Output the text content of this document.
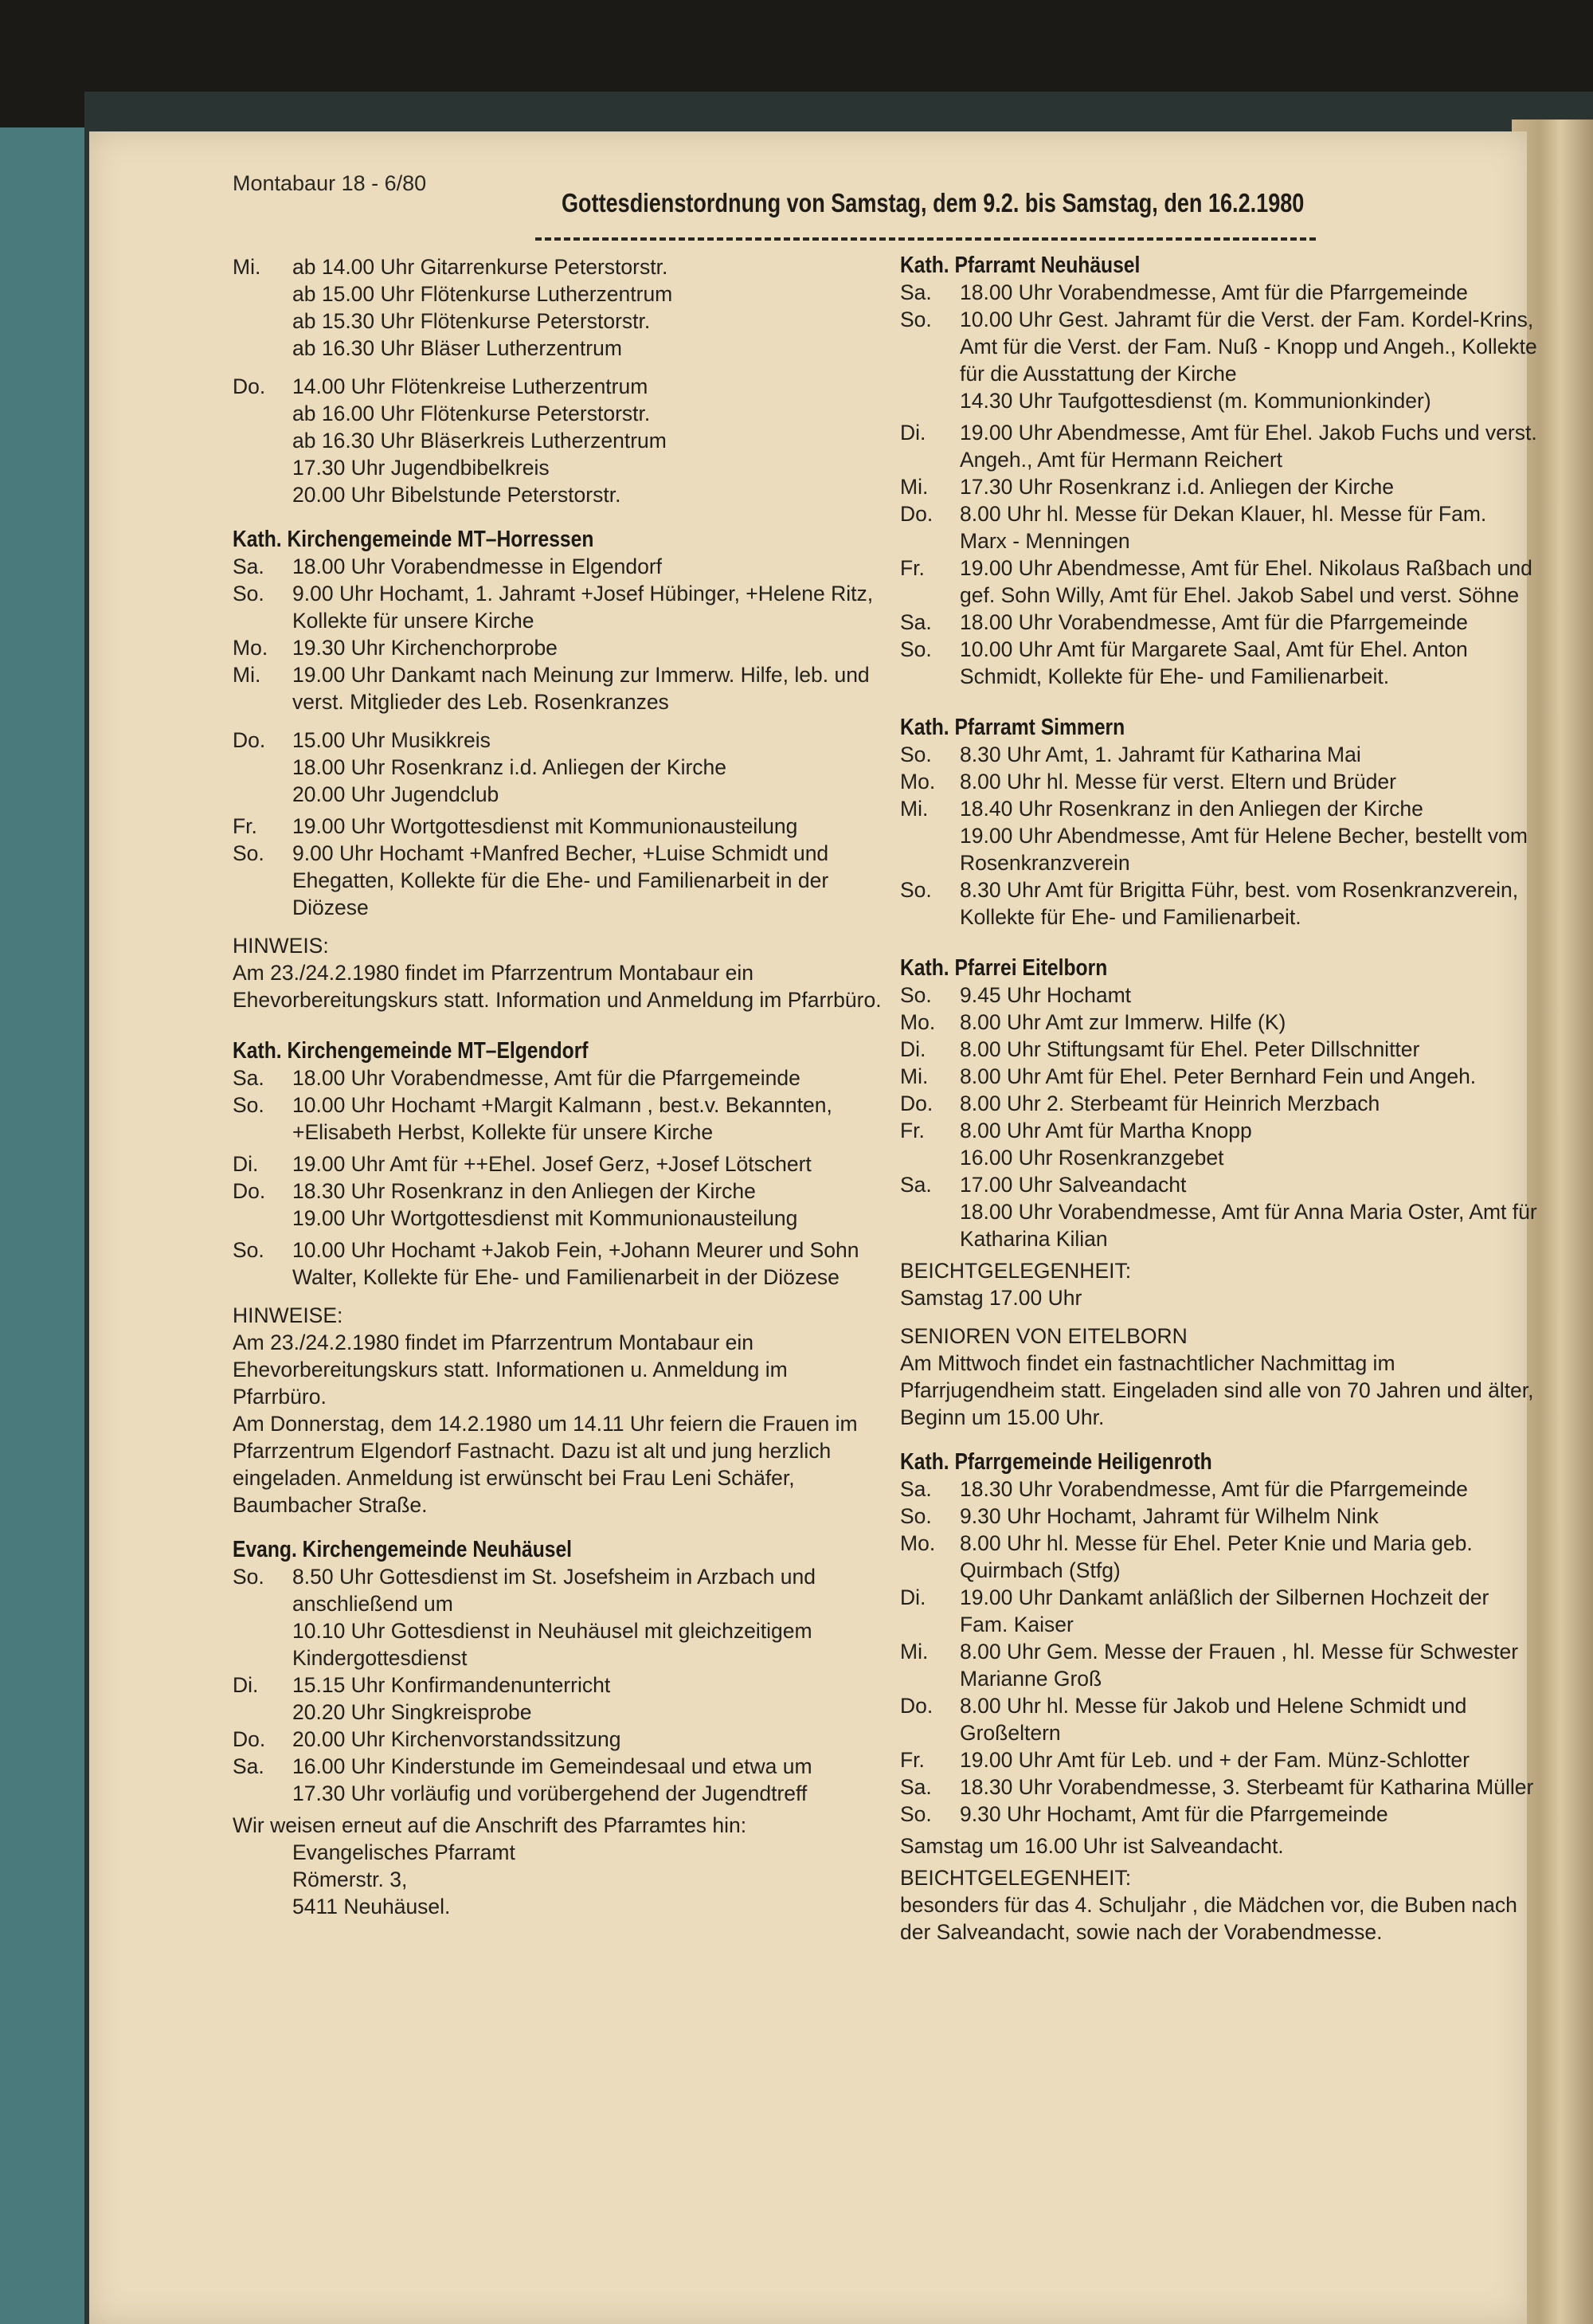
Montabaur 18 - 6/80
Gottesdienstordnung von Samstag, dem 9.2. bis Samstag, den 16.2.1980
Mi.	ab 14.00 Uhr Gitarrenkurse Peterstorstr.
ab 15.00 Uhr Flötenkurse Lutherzentrum
ab 15.30 Uhr Flötenkurse Peterstorstr.
ab 16.30 Uhr Bläser Lutherzentrum
Do.	14.00 Uhr Flötenkreise Lutherzentrum
ab 16.00 Uhr Flötenkurse Peterstorstr.
ab 16.30 Uhr Bläserkreis Lutherzentrum
17.30 Uhr Jugendbibelkreis
20.00 Uhr Bibelstunde Peterstorstr.
Kath. Kirchengemeinde MT–Horressen
Sa.	18.00 Uhr Vorabendmesse in Elgendorf
So.	9.00 Uhr Hochamt, 1. Jahramt +Josef Hübinger, +Helene Ritz, Kollekte für unsere Kirche
Mo.	19.30 Uhr Kirchenchorprobe
Mi.	19.00 Uhr Dankamt nach Meinung zur Immerw. Hilfe, leb. und verst. Mitglieder des Leb. Rosenkranzes
Do.	15.00 Uhr Musikkreis
18.00 Uhr Rosenkranz i.d. Anliegen der Kirche
20.00 Uhr Jugendclub
Fr.	19.00 Uhr Wortgottesdienst mit Kommunionausteilung
So.	9.00 Uhr Hochamt +Manfred Becher, +Luise Schmidt und Ehegatten, Kollekte für die Ehe- und Familienarbeit in der Diözese

HINWEIS:

Am 23./24.2.1980 findet im Pfarrzentrum Montabaur ein Ehevorbereitungskurs statt. Information und Anmeldung im Pfarrbüro.

Kath. Kirchengemeinde MT–Elgendorf
Sa.	18.00 Uhr Vorabendmesse, Amt für die Pfarrgemeinde
So.	10.00 Uhr Hochamt +Margit Kalmann , best.v. Bekannten, +Elisabeth Herbst, Kollekte für unsere Kirche
Di.	19.00 Uhr Amt für ++Ehel. Josef Gerz, +Josef Lötschert
Do.	18.30 Uhr Rosenkranz in den Anliegen der Kirche
19.00 Uhr Wortgottesdienst mit Kommunionausteilung
So.	10.00 Uhr Hochamt +Jakob Fein, +Johann Meurer und Sohn Walter, Kollekte für Ehe- und Familienarbeit in der Diözese

HINWEISE:

Am 23./24.2.1980 findet im Pfarrzentrum Montabaur ein Ehevorbereitungskurs statt. Informationen u. Anmeldung im Pfarrbüro.

Am Donnerstag, dem 14.2.1980 um 14.11 Uhr feiern die Frauen im Pfarrzentrum Elgendorf Fastnacht. Dazu ist alt und jung herzlich eingeladen. Anmeldung ist erwünscht bei Frau Leni Schäfer, Baumbacher Straße.

Evang. Kirchengemeinde Neuhäusel
So.	8.50 Uhr Gottesdienst im St. Josefsheim in Arzbach und anschließend um
10.10 Uhr Gottesdienst in Neuhäusel mit gleichzeitigem Kindergottesdienst
Di.	15.15 Uhr Konfirmandenunterricht
20.20 Uhr Singkreisprobe
Do.	20.00 Uhr Kirchenvorstandssitzung
Sa.	16.00 Uhr Kinderstunde im Gemeindesaal und etwa um
17.30 Uhr vorläufig und vorübergehend der Jugendtreff

Wir weisen erneut auf die Anschrift des Pfarramtes hin:

Evangelisches Pfarramt

Römerstr. 3,

5411 Neuhäusel.

Kath. Pfarramt Neuhäusel
Sa.	18.00 Uhr Vorabendmesse, Amt für die Pfarrgemeinde
So.	10.00 Uhr Gest. Jahramt für die Verst. der Fam. Kordel-Krins, Amt für die Verst. der Fam. Nuß - Knopp und Angeh., Kollekte für die Ausstattung der Kirche
14.30 Uhr Taufgottesdienst (m. Kommunionkinder)
Di.	19.00 Uhr Abendmesse, Amt für Ehel. Jakob Fuchs und verst. Angeh., Amt für Hermann Reichert
Mi.	17.30 Uhr Rosenkranz i.d. Anliegen der Kirche
Do.	8.00 Uhr hl. Messe für Dekan Klauer, hl. Messe für Fam. Marx - Menningen
Fr.	19.00 Uhr Abendmesse, Amt für Ehel. Nikolaus Raßbach und gef. Sohn Willy, Amt für Ehel. Jakob Sabel und verst. Söhne
Sa.	18.00 Uhr Vorabendmesse, Amt für die Pfarrgemeinde
So.	10.00 Uhr Amt für Margarete Saal, Amt für Ehel. Anton Schmidt, Kollekte für Ehe- und Familienarbeit.
Kath. Pfarramt Simmern
So.	8.30 Uhr Amt, 1. Jahramt für Katharina Mai
Mo.	8.00 Uhr hl. Messe für verst. Eltern und Brüder
Mi.	18.40 Uhr Rosenkranz in den Anliegen der Kirche
19.00 Uhr Abendmesse, Amt für Helene Becher, bestellt vom Rosenkranzverein
So.	8.30 Uhr Amt für Brigitta Führ, best. vom Rosenkranzverein, Kollekte für Ehe- und Familienarbeit.
Kath. Pfarrei Eitelborn
So.	9.45 Uhr Hochamt
Mo.	8.00 Uhr Amt zur Immerw. Hilfe (K)
Di.	8.00 Uhr Stiftungsamt für Ehel. Peter Dillschnitter
Mi.	8.00 Uhr Amt für Ehel. Peter Bernhard Fein und Angeh.
Do.	8.00 Uhr 2. Sterbeamt für Heinrich Merzbach
Fr.	8.00 Uhr Amt für Martha Knopp
16.00 Uhr Rosenkranzgebet
Sa.	17.00 Uhr Salveandacht
18.00 Uhr Vorabendmesse, Amt für Anna Maria Oster, Amt für Katharina Kilian

BEICHTGELEGENHEIT:

Samstag 17.00 Uhr

SENIOREN VON EITELBORN

Am Mittwoch findet ein fastnachtlicher Nachmittag im Pfarrjugendheim statt. Eingeladen sind alle von 70 Jahren und älter, Beginn um 15.00 Uhr.

Kath. Pfarrgemeinde Heiligenroth
Sa.	18.30 Uhr Vorabendmesse, Amt für die Pfarrgemeinde
So.	9.30 Uhr Hochamt, Jahramt für Wilhelm Nink
Mo.	8.00 Uhr hl. Messe für Ehel. Peter Knie und Maria geb. Quirmbach (Stfg)
Di.	19.00 Uhr Dankamt anläßlich der Silbernen Hochzeit der Fam. Kaiser
Mi.	8.00 Uhr Gem. Messe der Frauen , hl. Messe für Schwester Marianne Groß
Do.	8.00 Uhr hl. Messe für Jakob und Helene Schmidt und Großeltern
Fr.	19.00 Uhr Amt für Leb. und + der Fam. Münz-Schlotter
Sa.	18.30 Uhr Vorabendmesse, 3. Sterbeamt für Katharina Müller
So.	9.30 Uhr Hochamt, Amt für die Pfarrgemeinde

Samstag um 16.00 Uhr ist Salveandacht.

BEICHTGELEGENHEIT:

besonders für das 4. Schuljahr , die Mädchen vor, die Buben nach der Salveandacht, sowie nach der Vorabendmesse.
